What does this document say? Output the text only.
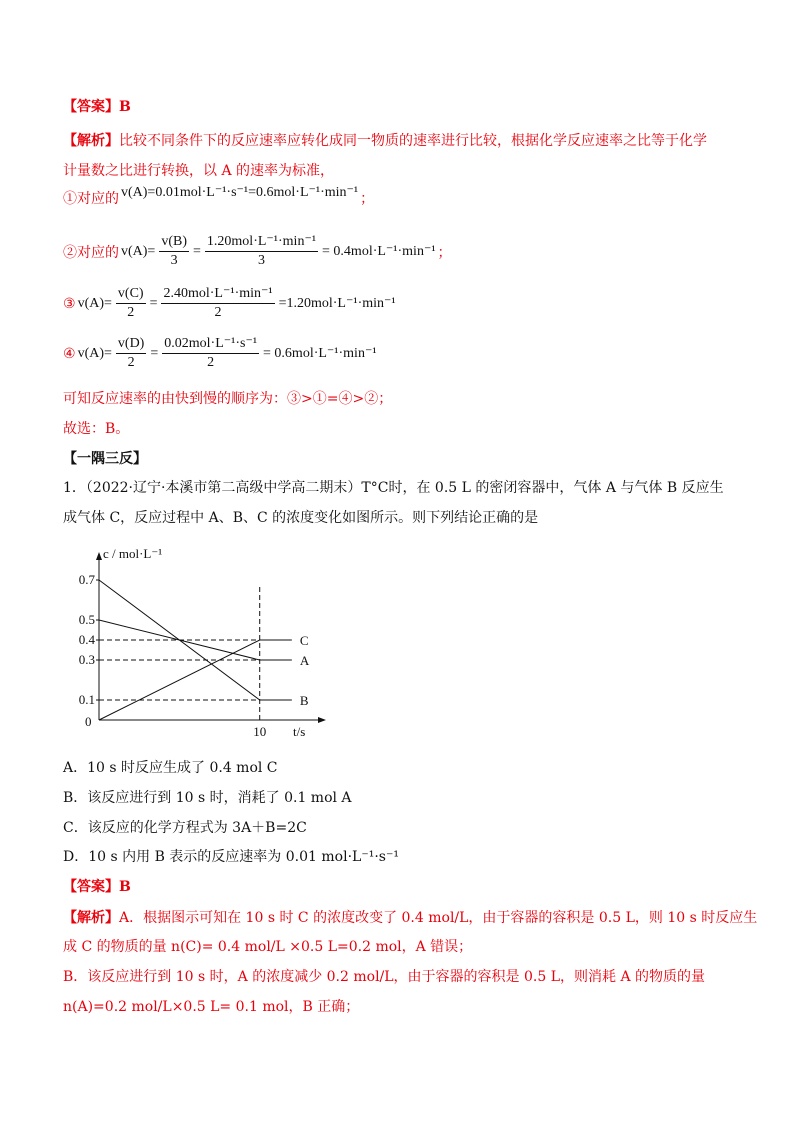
【答案】B
【解析】比较不同条件下的反应速率应转化成同一物质的速率进行比较，根据化学反应速率之比等于化学
计量数之比进行转换，以 A 的速率为标准，
①对应的 v(A)=0.01mol·L⁻¹·s⁻¹=0.6mol·L⁻¹·min⁻¹ ；
②对应的 $v(A)= \frac{v(B)}{3} = \frac{\text{1.20mol·L⁻¹·min⁻¹}}{3} = 0.4mol\cdot L^{-1}\cdot\min^{-1}$ ；
③ $v(A)= \frac{v(C)}{2} = \frac{\text{2.40mol·L⁻¹·min⁻¹}}{2} =1.20mol\cdot L^{-1}\cdot\min^{-1}$
④ $v(A)= \frac{v(D)}{2} = \frac{\text{0.02mol·L⁻¹·s⁻¹}}{2} = 0.6mol\cdot L^{-1}\cdot\min^{-1}$
可知反应速率的由快到慢的顺序为：③>①=④>②；
故选：B。
【一隅三反】
1．（2022·辽宁·本溪市第二高级中学高二期末）T°C时，在 0.5 L 的密闭容器中，气体 A 与气体 B 反应生
成气体 C，反应过程中 A、B、C 的浓度变化如图所示。则下列结论正确的是
c / mol·L⁻¹
t/s
0
C
A
B
0.7
0.5
0.4
0.3
0.1
10
A．10 s 时反应生成了 0.4 mol C
B．该反应进行到 10 s 时，消耗了 0.1 mol A
C．该反应的化学方程式为 3A＋B=2C
D．10 s 内用 B 表示的反应速率为 0.01 mol·L⁻¹·s⁻¹
【答案】B
【解析】A．根据图示可知在 10 s 时 C 的浓度改变了 0.4 mol/L，由于容器的容积是 0.5 L，则 10 s 时反应生
成 C 的物质的量 n(C)= 0.4 mol/L ×0.5 L=0.2 mol，A 错误；
B．该反应进行到 10 s 时，A 的浓度减少 0.2 mol/L，由于容器的容积是 0.5 L，则消耗 A 的物质的量
n(A)=0.2 mol/L×0.5 L= 0.1 mol，B 正确；
